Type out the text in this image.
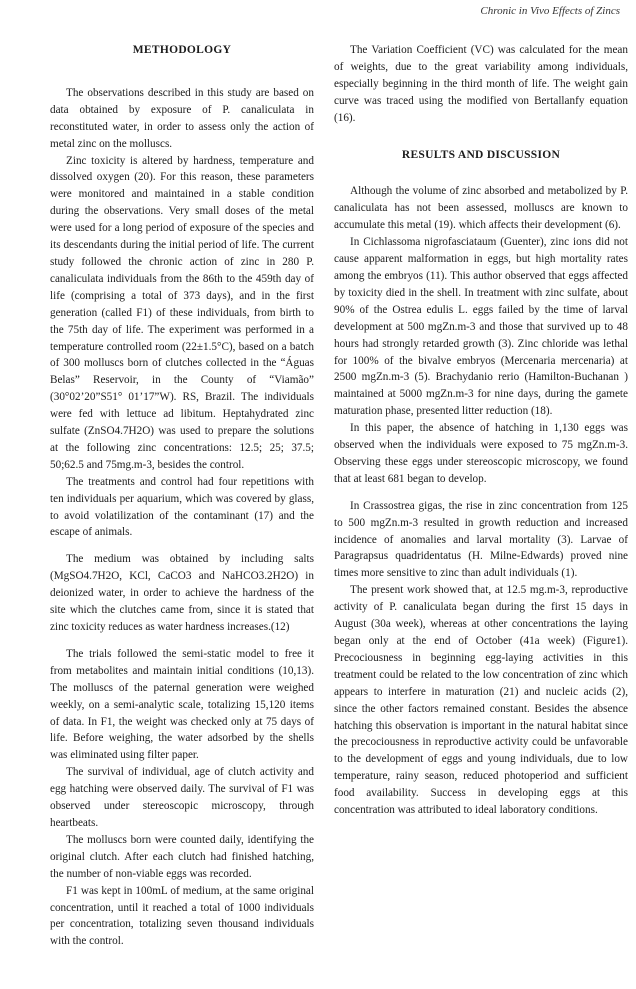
Chronic in Vivo Effects of Zincs
METHODOLOGY

The observations described in this study are based on data obtained by exposure of P. canaliculata in reconstituted water, in order to assess only the action of metal zinc on the molluscs.

Zinc toxicity is altered by hardness, temperature and dissolved oxygen (20). For this reason, these parameters were monitored and maintained in a stable condition during the observations. Very small doses of the metal were used for a long period of exposure of the species and its descendants during the initial period of life. The current study followed the chronic action of zinc in 280 P. canaliculata individuals from the 86th to the 459th day of life (comprising a total of 373 days), and in the first generation (called F1) of these individuals, from birth to the 75th day of life. The experiment was performed in a temperature controlled room (22±1.5°C), based on a batch of 300 molluscs born of clutches collected in the “Águas Belas” Reservoir, in the County of “Viamão” (30°02’20”S51° 01’17”W). RS, Brazil. The individuals were fed with lettuce ad libitum. Heptahydrated zinc sulfate (ZnSO4.7H2O) was used to prepare the solutions at the following zinc concentrations: 12.5; 25; 37.5; 50;62.5 and 75mg.m-3, besides the control.

The treatments and control had four repetitions with ten individuals per aquarium, which was covered by glass, to avoid volatilization of the contaminant (17) and the escape of animals.

The medium was obtained by including salts (MgSO4.7H2O, KCl, CaCO3 and NaHCO3.2H2O) in deionized water, in order to achieve the hardness of the site which the clutches came from, since it is stated that zinc toxicity reduces as water hardness increases.(12)

The trials followed the semi-static model to free it from metabolites and maintain initial conditions (10,13). The molluscs of the paternal generation were weighed weekly, on a semi-analytic scale, totalizing 15,120 items of data. In F1, the weight was checked only at 75 days of life. Before weighing, the water adsorbed by the shells was eliminated using filter paper.

The survival of individual, age of clutch activity and egg hatching were observed daily. The survival of F1 was observed under stereoscopic microscopy, through heartbeats.

The molluscs born were counted daily, identifying the original clutch. After each clutch had finished hatching, the number of non-viable eggs was recorded.

F1 was kept in 100mL of medium, at the same original concentration, until it reached a total of 1000 individuals per concentration, totalizing seven thousand individuals with the control.

The Variation Coefficient (VC) was calculated for the mean of weights, due to the great variability among individuals, especially beginning in the third month of life. The weight gain curve was traced using the modified von Bertallanfy equation (16).

RESULTS AND DISCUSSION

Although the volume of zinc absorbed and metabolized by P. canaliculata has not been assessed, molluscs are known to accumulate this metal (19). which affects their development (6).

In Cichlassoma nigrofasciataum (Guenter), zinc ions did not cause apparent malformation in eggs, but high mortality rates among the embryos (11). This author observed that eggs affected by toxicity died in the shell. In treatment with zinc sulfate, about 90% of the Ostrea edulis L. eggs failed by the time of larval development at 500 mgZn.m-3 and those that survived up to 48 hours had strongly retarded growth (3). Zinc chloride was lethal for 100% of the bivalve embryos (Mercenaria mercenaria) at 2500 mgZn.m-3 (5). Brachydanio rerio (Hamilton-Buchanan ) maintained at 5000 mgZn.m-3 for nine days, during the gamete maturation phase, presented litter reduction (18).

In this paper, the absence of hatching in 1,130 eggs was observed when the individuals were exposed to 75 mgZn.m-3. Observing these eggs under stereoscopic microscopy, we found that at least 681 began to develop.

In Crassostrea gigas, the rise in zinc concentration from 125 to 500 mgZn.m-3 resulted in growth reduction and increased incidence of anomalies and larval mortality (3). Larvae of Paragrapsus quadridentatus (H. Milne-Edwards) proved nine times more sensitive to zinc than adult individuals (1).

The present work showed that, at 12.5 mg.m-3, reproductive activity of P. canaliculata began during the first 15 days in August (30a week), whereas at other concentrations the laying began only at the end of October (41a week) (Figure1). Precociousness in beginning egg-laying activities in this treatment could be related to the low concentration of zinc which appears to interfere in maturation (21) and nucleic acids (2), since the other factors remained constant. Besides the absence hatching this observation is important in the natural habitat since the precociousness in reproductive activity could be unfavorable to the development of eggs and young individuals, due to low temperature, rainy season, reduced photoperiod and sufficient food availability. Success in developing eggs at this concentration was attributed to ideal laboratory conditions.
